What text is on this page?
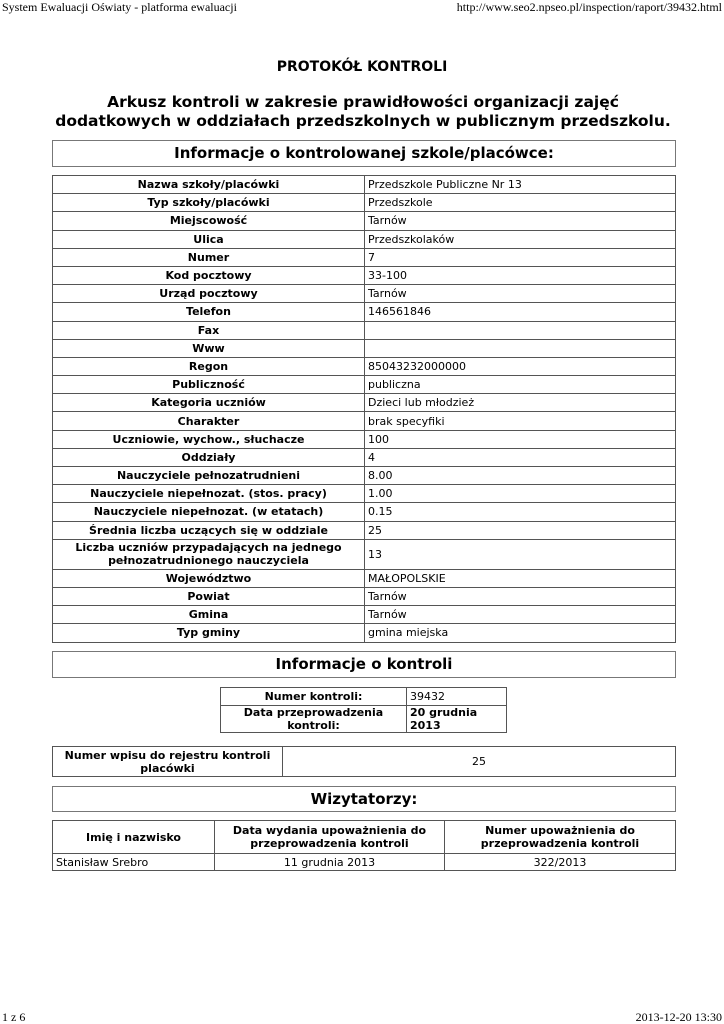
System Ewaluacji Oświaty - platforma ewaluacji	http://www.seo2.npseo.pl/inspection/raport/39432.html
PROTOKÓŁ KONTROLI
Arkusz kontroli w zakresie prawidłowości organizacji zajęć dodatkowych w oddziałach przedszkolnych w publicznym przedszkolu.
Informacje o kontrolowanej szkole/placówce:
Nazwa szkoły/placówki	Przedszkole Publiczne Nr 13
Typ szkoły/placówki	Przedszkole
Miejscowość	Tarnów
Ulica	Przedszkolaków
Numer	7
Kod pocztowy	33-100
Urząd pocztowy	Tarnów
Telefon	146561846
Fax	
Www	
Regon	85043232000000
Publiczność	publiczna
Kategoria uczniów	Dzieci lub młodzież
Charakter	brak specyfiki
Uczniowie, wychow., słuchacze	100
Oddziały	4
Nauczyciele pełnozatrudnieni	8.00
Nauczyciele niepełnozat. (stos. pracy)	1.00
Nauczyciele niepełnozat. (w etatach)	0.15
Średnia liczba uczących się w oddziale	25
Liczba uczniów przypadających na jednego pełnozatrudnionego nauczyciela	13
Województwo	MAŁOPOLSKIE
Powiat	Tarnów
Gmina	Tarnów
Typ gminy	gmina miejska
Informacje o kontroli
Numer kontroli:	39432
Data przeprowadzenia kontroli:	20 grudnia 2013
Numer wpisu do rejestru kontroli placówki	25
Wizytatorzy:
Imię i nazwisko	Data wydania upoważnienia do przeprowadzenia kontroli	Numer upoważnienia do przeprowadzenia kontroli
Stanisław Srebro	11 grudnia 2013	322/2013
1 z 6	2013-12-20 13:30
